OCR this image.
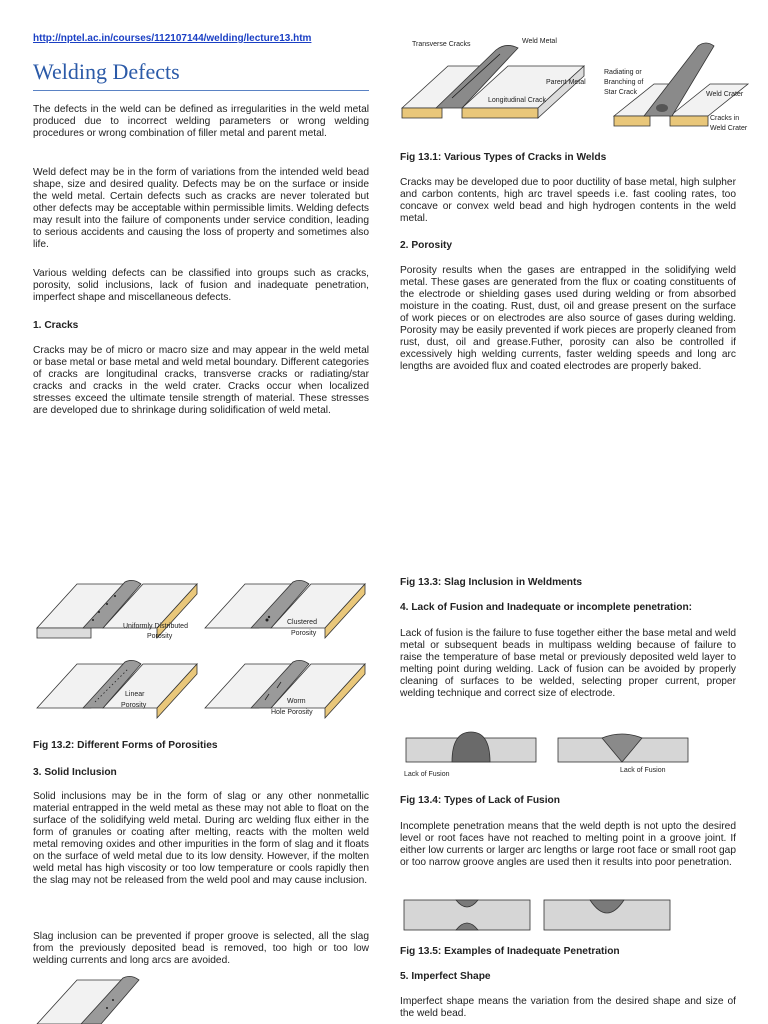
http://nptel.ac.in/courses/112107144/welding/lecture13.htm
Welding Defects

The defects in the weld can be defined as irregularities in the weld metal produced due to incorrect welding parameters or wrong welding procedures or wrong combination of filler metal and parent metal.

Weld defect may be in the form of variations from the intended weld bead shape, size and desired quality. Defects may be on the surface or inside the weld metal. Certain defects such as cracks are never tolerated but other defects may be acceptable within permissible limits. Welding defects may result into the failure of components under service condition, leading to serious accidents and causing the loss of property and sometimes also life.

Various welding defects can be classified into groups such as cracks, porosity, solid inclusions, lack of fusion and inadequate penetration, imperfect shape and miscellaneous defects.

1. Cracks

Cracks may be of micro or macro size and may appear in the weld metal or base metal or base metal and weld metal boundary. Different categories of cracks are longitudinal cracks, transverse cracks or radiating/star cracks and cracks in the weld crater. Cracks occur when localized stresses exceed the ultimate tensile strength of material. These stresses are developed due to shrinkage during solidification of weld metal.

Uniformly Distributed
Porosity
Clustered
Porosity
Linear
Porosity
Worm
Hole Porosity

Fig 13.2: Different Forms of Porosities

3. Solid Inclusion

Solid inclusions may be in the form of slag or any other nonmetallic material entrapped in the weld metal as these may not able to float on the surface of the solidifying weld metal. During arc welding flux either in the form of granules or coating after melting, reacts with the molten weld metal removing oxides and other impurities in the form of slag and it floats on the surface of weld metal due to its low density. However, if the molten weld metal has high viscosity or too low temperature or cools rapidly then the slag may not be released from the weld pool and may cause inclusion.

Slag inclusion can be prevented if proper groove is selected, all the slag from the previously deposited bead is removed, too high or too low welding currents and long arcs are avoided.

Transverse Cracks	Weld Metal
Parent Metal
Longitudinal Crack
Radiating or
Branching of
Star Crack	Weld Crater
Cracks in
Weld Crater

Fig 13.1: Various Types of Cracks in Welds

Cracks may be developed due to poor ductility of base metal, high sulpher and carbon contents, high arc travel speeds i.e. fast cooling rates, too concave or convex weld bead and high hydrogen contents in the weld metal.

2. Porosity

Porosity results when the gases are entrapped in the solidifying weld metal. These gases are generated from the flux or coating constituents of the electrode or shielding gases used during welding or from absorbed moisture in the coating. Rust, dust, oil and grease present on the surface of work pieces or on electrodes are also source of gases during welding. Porosity may be easily prevented if work pieces are properly cleaned from rust, dust, oil and grease.Futher, porosity can also be controlled if excessively high welding currents, faster welding speeds and long arc lengths are avoided flux and coated electrodes are properly baked.

Fig 13.3: Slag Inclusion in Weldments

4. Lack of Fusion and Inadequate or incomplete penetration:

Lack of fusion is the failure to fuse together either the base metal and weld metal or subsequent beads in multipass welding because of failure to raise the temperature of base metal or previously deposited weld layer to melting point during welding. Lack of fusion can be avoided by properly cleaning of surfaces to be welded, selecting proper current, proper welding technique and correct size of electrode.

Lack of Fusion
Lack of Fusion

Fig 13.4: Types of Lack of Fusion

Incomplete penetration means that the weld depth is not upto the desired level or root faces have not reached to melting point in a groove joint. If either low currents or larger arc lengths or large root face or small root gap or too narrow groove angles are used then it results into poor penetration.

Fig 13.5: Examples of Inadequate Penetration

5. Imperfect Shape

Imperfect shape means the variation from the desired shape and size of the weld bead.
